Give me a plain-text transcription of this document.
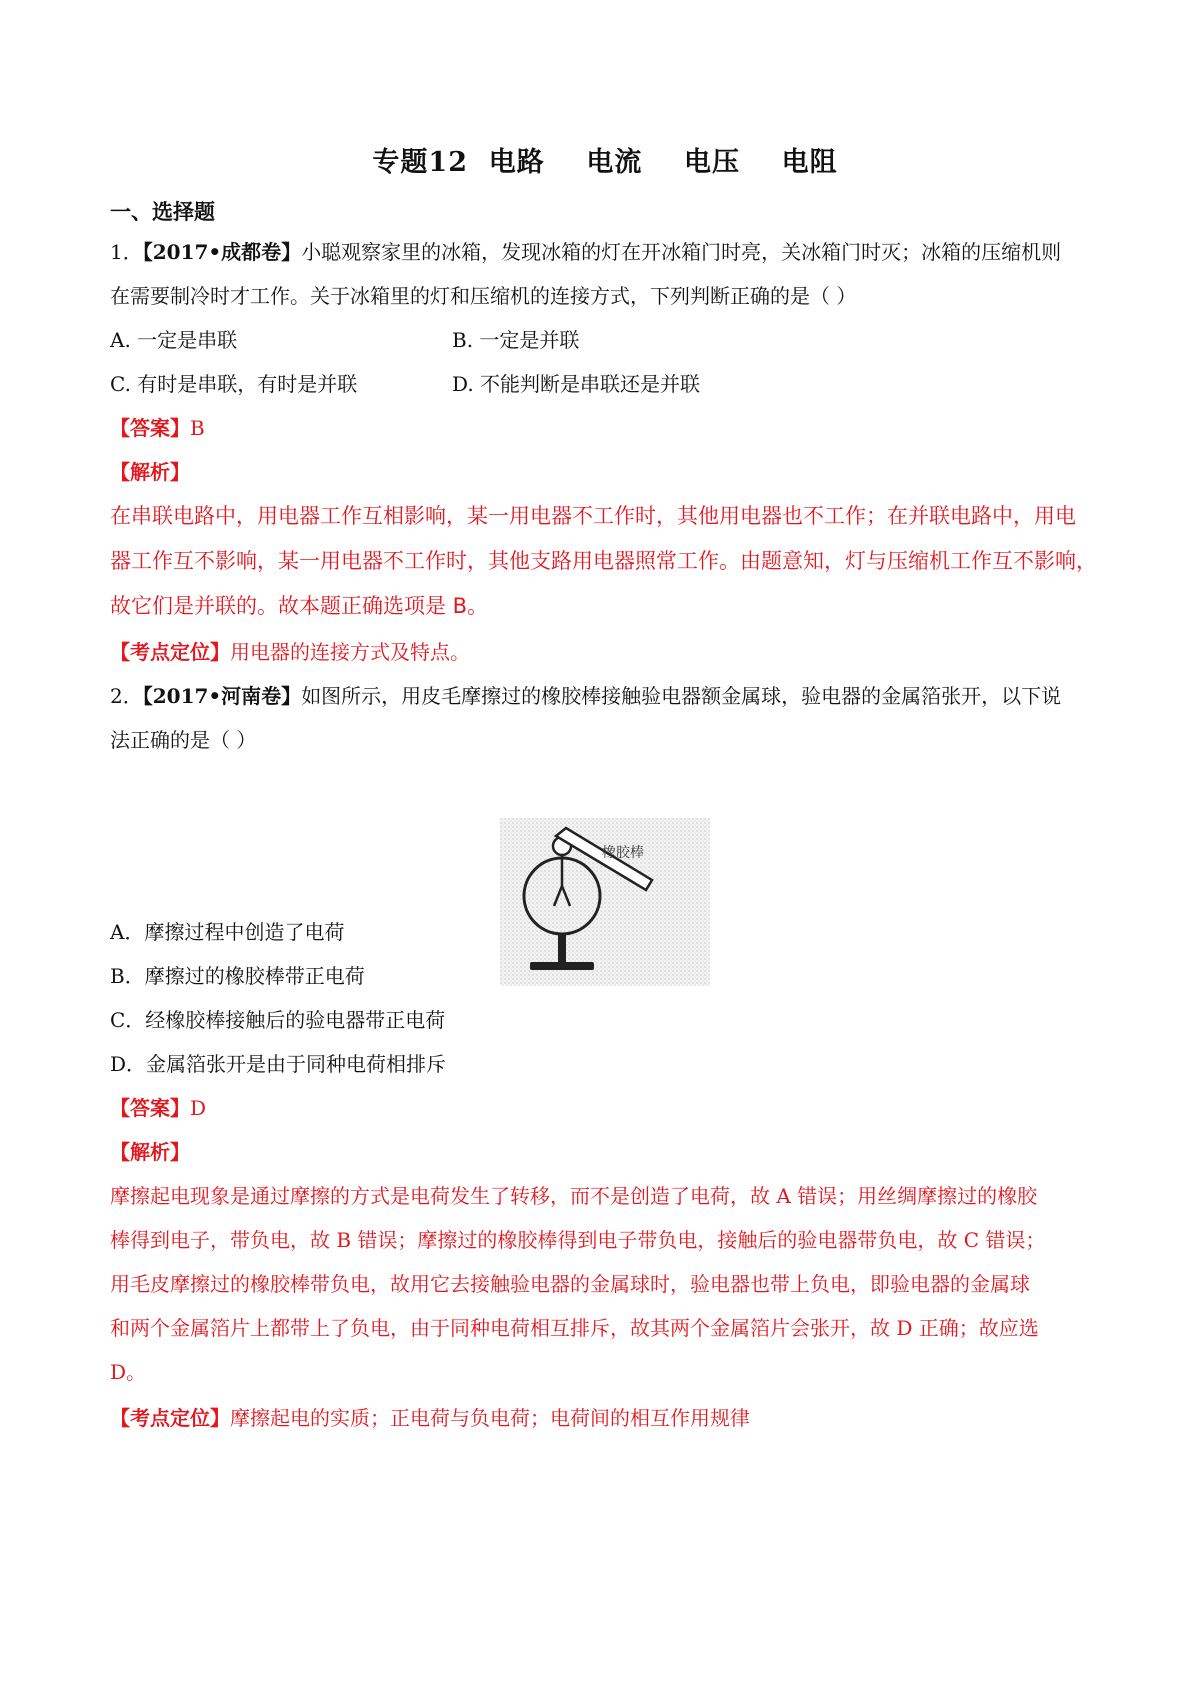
专题12  电路    电流    电压    电阻
一、选择题
1．【2017•成都卷】小聪观察家里的冰箱，发现冰箱的灯在开冰箱门时亮，关冰箱门时灭；冰箱的压缩机则
在需要制冷时才工作。关于冰箱里的灯和压缩机的连接方式，下列判断正确的是（ ）
A. 一定是串联	B. 一定是并联
C. 有时是串联，有时是并联	D. 不能判断是串联还是并联
【答案】B
【解析】
在串联电路中，用电器工作互相影响，某一用电器不工作时，其他用电器也不工作；在并联电路中，用电
器工作互不影响，某一用电器不工作时，其他支路用电器照常工作。由题意知，灯与压缩机工作互不影响，
故它们是并联的。故本题正确选项是 B。
【考点定位】用电器的连接方式及特点。
2．【2017•河南卷】如图所示，用皮毛摩擦过的橡胶棒接触验电器额金属球，验电器的金属箔张开，以下说
法正确的是（ ）
橡胶棒
A．摩擦过程中创造了电荷
B．摩擦过的橡胶棒带正电荷
C．经橡胶棒接触后的验电器带正电荷
D．金属箔张开是由于同种电荷相排斥
【答案】D
【解析】
摩擦起电现象是通过摩擦的方式是电荷发生了转移，而不是创造了电荷，故 A 错误；用丝绸摩擦过的橡胶
棒得到电子，带负电，故 B 错误；摩擦过的橡胶棒得到电子带负电，接触后的验电器带负电，故 C 错误；
用毛皮摩擦过的橡胶棒带负电，故用它去接触验电器的金属球时，验电器也带上负电，即验电器的金属球
和两个金属箔片上都带上了负电，由于同种电荷相互排斥，故其两个金属箔片会张开，故 D 正确；故应选
D。
【考点定位】摩擦起电的实质；正电荷与负电荷；电荷间的相互作用规律
